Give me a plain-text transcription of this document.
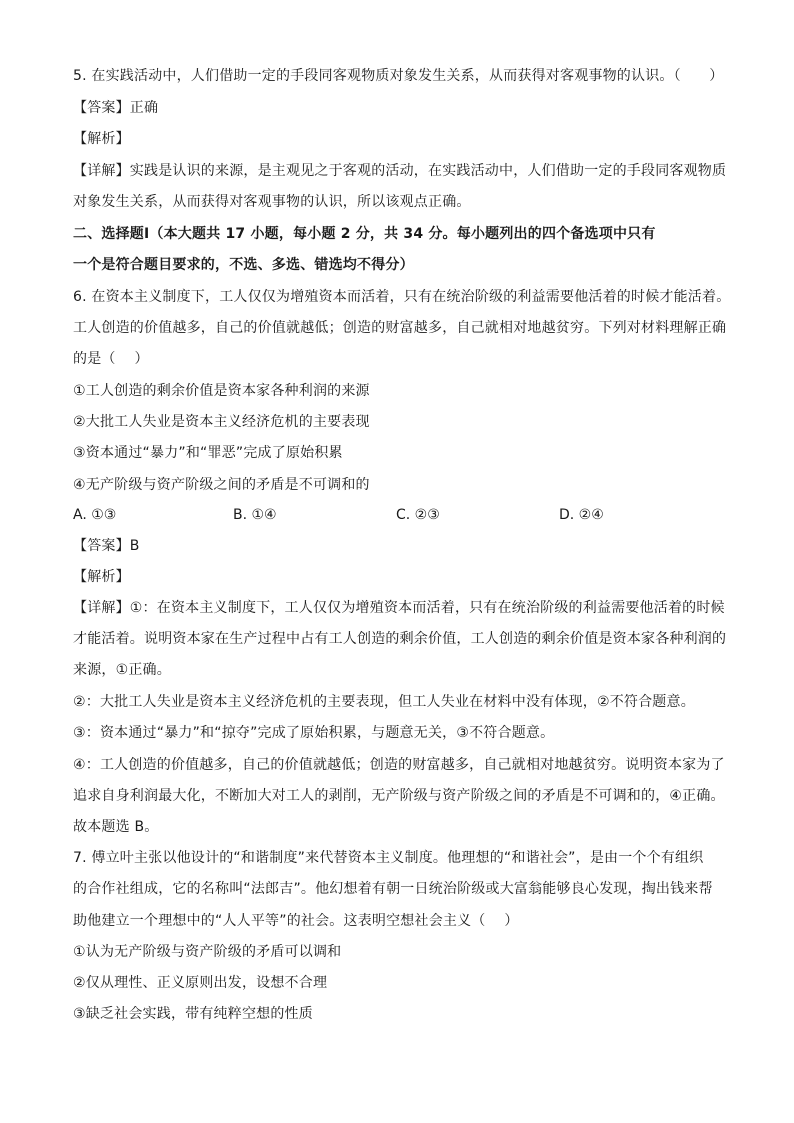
5. 在实践活动中，人们借助一定的手段同客观物质对象发生关系，从而获得对客观事物的认识。（　　）
【答案】正确
【解析】
【详解】实践是认识的来源，是主观见之于客观的活动，在实践活动中，人们借助一定的手段同客观物质
对象发生关系，从而获得对客观事物的认识，所以该观点正确。
二、选择题Ⅰ（本大题共 17 小题，每小题 2 分，共 34 分。每小题列出的四个备选项中只有
一个是符合题目要求的，不选、多选、错选均不得分）
6. 在资本主义制度下，工人仅仅为增殖资本而活着，只有在统治阶级的利益需要他活着的时候才能活着。
工人创造的价值越多，自己的价值就越低；创造的财富越多，自己就相对地越贫穷。下列对材料理解正确
的是（　 ）
①工人创造的剩余价值是资本家各种利润的来源
②大批工人失业是资本主义经济危机的主要表现
③资本通过“暴力”和“罪恶”完成了原始积累
④无产阶级与资产阶级之间的矛盾是不可调和的
A. ①③	B. ①④	C. ②③	D. ②④
【答案】B
【解析】
【详解】①：在资本主义制度下，工人仅仅为增殖资本而活着，只有在统治阶级的利益需要他活着的时候
才能活着。说明资本家在生产过程中占有工人创造的剩余价值，工人创造的剩余价值是资本家各种利润的
来源，①正确。
②：大批工人失业是资本主义经济危机的主要表现，但工人失业在材料中没有体现，②不符合题意。
③：资本通过“暴力”和“掠夺”完成了原始积累，与题意无关，③不符合题意。
④：工人创造的价值越多，自己的价值就越低；创造的财富越多，自己就相对地越贫穷。说明资本家为了
追求自身利润最大化，不断加大对工人的剥削，无产阶级与资产阶级之间的矛盾是不可调和的，④正确。
故本题选 B。
7. 傅立叶主张以他设计的“和谐制度”来代替资本主义制度。他理想的“和谐社会”，是由一个个有组织
的合作社组成，它的名称叫“法郎吉”。他幻想着有朝一日统治阶级或大富翁能够良心发现，掏出钱来帮
助他建立一个理想中的“人人平等”的社会。这表明空想社会主义（　 ）
①认为无产阶级与资产阶级的矛盾可以调和
②仅从理性、正义原则出发，设想不合理
③缺乏社会实践，带有纯粹空想的性质
